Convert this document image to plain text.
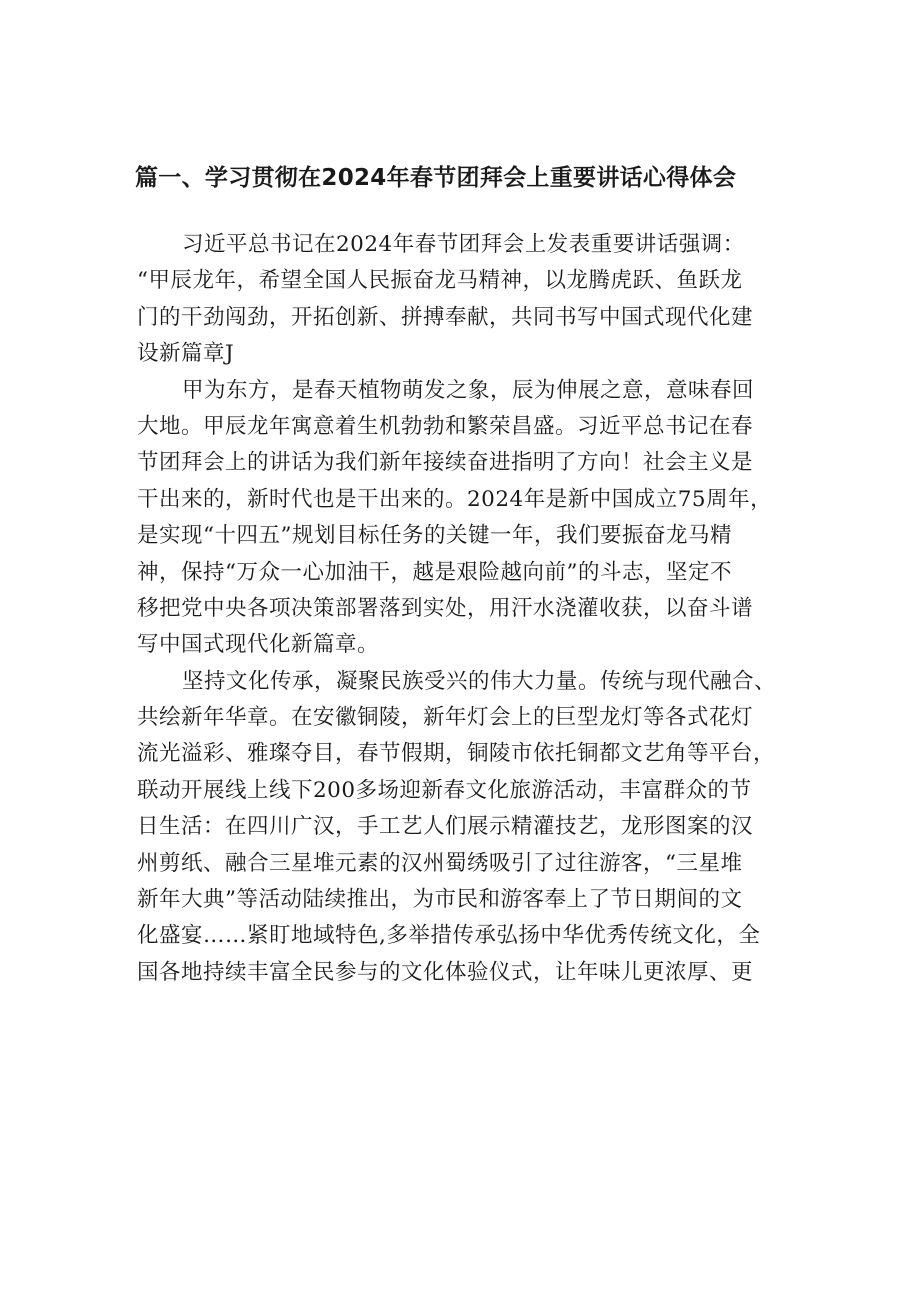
篇一、学习贯彻在2024年春节团拜会上重要讲话心得体会
习近平总书记在2024年春节团拜会上发表重要讲话强调：
“甲辰龙年，希望全国人民振奋龙马精神，以龙腾虎跃、鱼跃龙
门的干劲闯劲，开拓创新、拼搏奉献，共同书写中国式现代化建
设新篇章J
甲为东方，是春天植物萌发之象，辰为伸展之意，意味春回
大地。甲辰龙年寓意着生机勃勃和繁荣昌盛。习近平总书记在春
节团拜会上的讲话为我们新年接续奋进指明了方向！社会主义是
干出来的，新时代也是干出来的。2024年是新中国成立75周年，
是实现“十四五”规划目标任务的关键一年，我们要振奋龙马精
神，保持“万众一心加油干，越是艰险越向前”的斗志，坚定不
移把党中央各项决策部署落到实处，用汗水浇灌收获，以奋斗谱
写中国式现代化新篇章。
坚持文化传承，凝聚民族受兴的伟大力量。传统与现代融合、
共绘新年华章。在安徽铜陵，新年灯会上的巨型龙灯等各式花灯
流光溢彩、雅璨夺目，春节假期，铜陵市依托铜都文艺角等平台，
联动开展线上线下200多场迎新春文化旅游活动，丰富群众的节
日生活：在四川广汉，手工艺人们展示精灌技艺，龙形图案的汉
州剪纸、融合三星堆元素的汉州蜀绣吸引了过往游客，“三星堆
新年大典”等活动陆续推出，为市民和游客奉上了节日期间的文
化盛宴……紧盯地域特色,多举措传承弘扬中华优秀传统文化，全
国各地持续丰富全民参与的文化体验仪式，让年味儿更浓厚、更
